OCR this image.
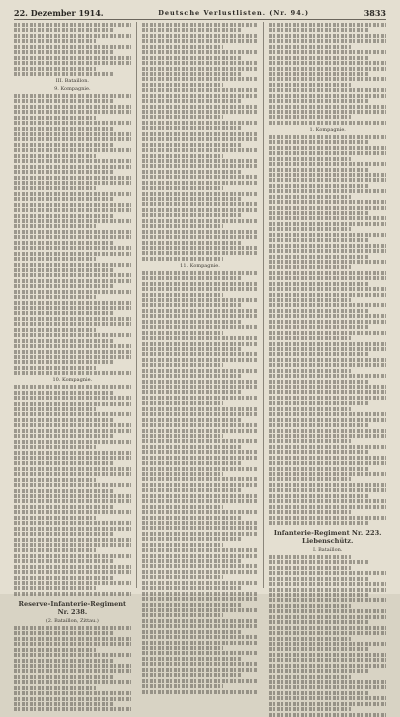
22. Dezember 1914.	Deutsche Verlustlisten. (Nr. 94.)	3833
III. Bataillon.
9. Kompagnie.
10. Kompagnie.
Reserve-Infanterie-Regiment Nr. 238.
(2. Bataillon, Zittau.)
11. Kompagnie.
1. Kompagnie.
Infanterie-Regiment Nr. 223. Liebenschütz.
I. Bataillon.
